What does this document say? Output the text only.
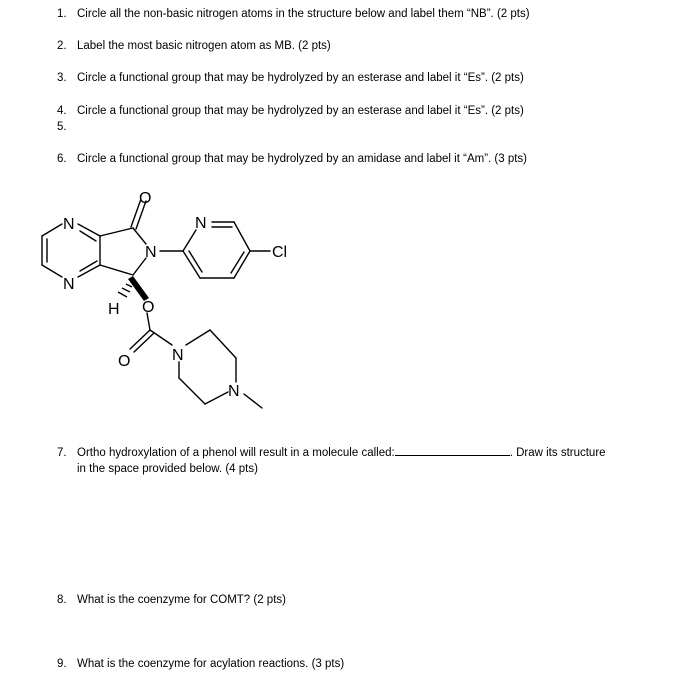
1. Circle all the non-basic nitrogen atoms in the structure below and label them “NB”. (2 pts)
2. Label the most basic nitrogen atom as MB. (2 pts)
3. Circle a functional group that may be hydrolyzed by an esterase and label it “Es”. (2 pts)
4. Circle a functional group that may be hydrolyzed by an esterase and label it “Es”. (2 pts)
5.
6. Circle a functional group that may be hydrolyzed by an amidase and label it “Am”. (3 pts)
N
N
O
N
N
Cl
H O
O	N
N
7. Ortho hydroxylation of a phenol will result in a molecule called:	. Draw its structure
in the space provided below. (4 pts)
8. What is the coenzyme for COMT? (2 pts)
9. What is the coenzyme for acylation reactions. (3 pts)
